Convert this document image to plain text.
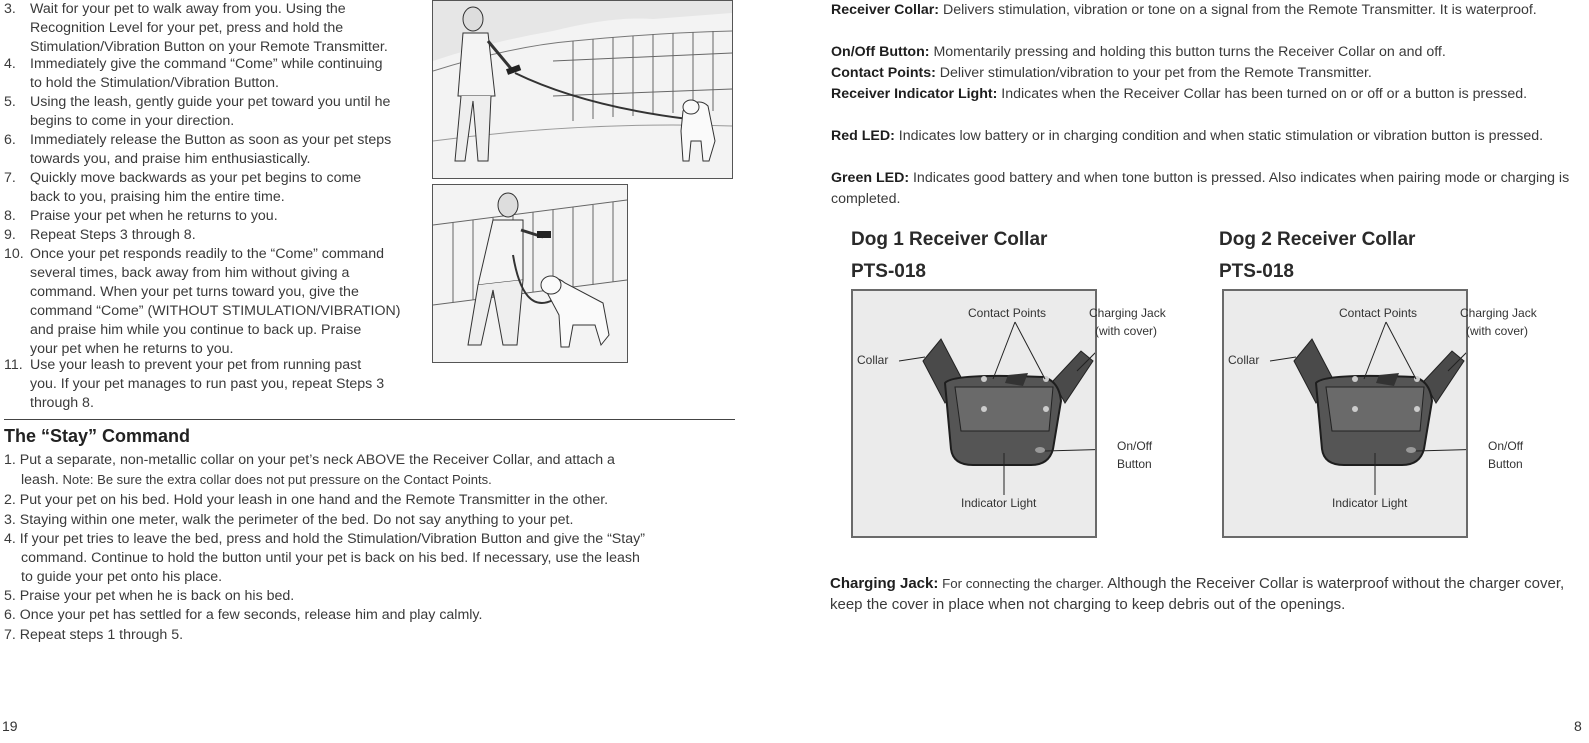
3. Wait for your pet to walk away from you. Using the
Recognition Level for your pet, press and hold the
Stimulation/Vibration Button on your Remote Transmitter.
4. Immediately give the command “Come” while continuing
to hold the Stimulation/Vibration Button.
5. Using the leash, gently guide your pet toward you until he
begins to come in your direction.
6. Immediately release the Button as soon as your pet steps
towards you, and praise him enthusiastically.
7. Quickly move backwards as your pet begins to come
back to you, praising him the entire time.
8. Praise your pet when he returns to you.
9. Repeat Steps 3 through 8.
10. Once your pet responds readily to the “Come” command
several times, back away from him without giving a
command. When your pet turns toward you, give the
command “Come” (WITHOUT STIMULATION/VIBRATION)
and praise him while you continue to back up. Praise
your pet when he returns to you.
11. Use your leash to prevent your pet from running past
you. If your pet manages to run past you, repeat Steps 3
through 8.
The “Stay” Command
1. Put a separate, non-metallic collar on your pet’s neck ABOVE the Receiver Collar, and attach a
leash. Note: Be sure the extra collar does not put pressure on the Contact Points.
2. Put your pet on his bed. Hold your leash in one hand and the Remote Transmitter in the other.
3. Staying within one meter, walk the perimeter of the bed. Do not say anything to your pet.
4. If your pet tries to leave the bed, press and hold the Stimulation/Vibration Button and give the “Stay”
command. Continue to hold the button until your pet is back on his bed. If necessary, use the leash
to guide your pet onto his place.
5. Praise your pet when he is back on his bed.
6. Once your pet has settled for a few seconds, release him and play calmly.
7. Repeat steps 1 through 5.
19
Receiver Collar: Delivers stimulation, vibration or tone on a signal from the Remote Transmitter. It is waterproof.
On/Off Button: Momentarily pressing and holding this button turns the Receiver Collar on and off.
Contact Points: Deliver stimulation/vibration to your pet from the Remote Transmitter.
Receiver Indicator Light: Indicates when the Receiver Collar has been turned on or off or a button is pressed.
Red LED: Indicates low battery or in charging condition and when static stimulation or vibration button is pressed.
Green LED: Indicates good battery and when tone button is pressed. Also indicates when pairing mode or charging is completed.
Dog 1 Receiver Collar
PTS-018
Dog 2 Receiver Collar
PTS-018
Contact Points	Charging Jack
(with cover)
Collar
On/Off
Button
Indicator Light
Contact Points	Charging Jack
(with cover)
Collar
On/Off
Button
Indicator Light
Charging Jack: For connecting the charger. Although the Receiver Collar is waterproof without the charger cover, keep the cover in place when not charging to keep debris out of the openings.
8
